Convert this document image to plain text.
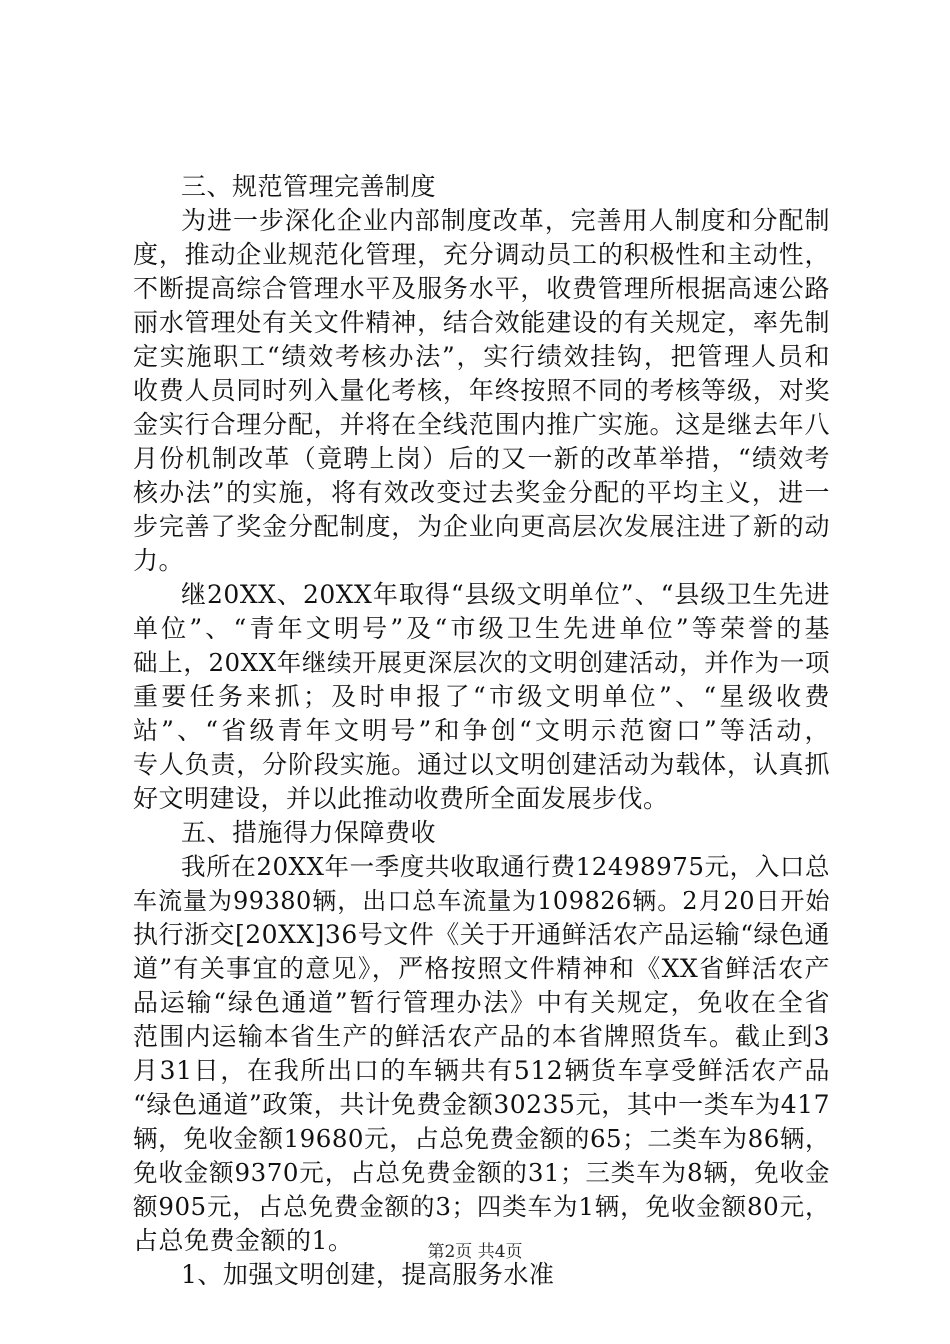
三、规范管理完善制度
为进一步深化企业内部制度改革，完善用人制度和分配制
度，推动企业规范化管理，充分调动员工的积极性和主动性，
不断提高综合管理水平及服务水平，收费管理所根据高速公路
丽水管理处有关文件精神，结合效能建设的有关规定，率先制
定实施职工“绩效考核办法”，实行绩效挂钩，把管理人员和
收费人员同时列入量化考核，年终按照不同的考核等级，对奖
金实行合理分配，并将在全线范围内推广实施。这是继去年八
月份机制改革（竟聘上岗）后的又一新的改革举措，“绩效考
核办法”的实施，将有效改变过去奖金分配的平均主义，进一
步完善了奖金分配制度，为企业向更高层次发展注进了新的动
力。
继20XX、20XX年取得“县级文明单位”、“县级卫生先进
单位”、“青年文明号”及“市级卫生先进单位”等荣誉的基
础上，20XX年继续开展更深层次的文明创建活动，并作为一项
重要任务来抓；及时申报了“市级文明单位”、“星级收费
站”、“省级青年文明号”和争创“文明示范窗口”等活动，
专人负责，分阶段实施。通过以文明创建活动为载体，认真抓
好文明建设，并以此推动收费所全面发展步伐。
五、措施得力保障费收
我所在20XX年一季度共收取通行费12498975元，入口总
车流量为99380辆，出口总车流量为109826辆。2月20日开始
执行浙交[20XX]36号文件《关于开通鲜活农产品运输“绿色通
道”有关事宜的意见》，严格按照文件精神和《XX省鲜活农产
品运输“绿色通道”暂行管理办法》中有关规定，免收在全省
范围内运输本省生产的鲜活农产品的本省牌照货车。截止到3
月31日，在我所出口的车辆共有512辆货车享受鲜活农产品
“绿色通道”政策，共计免费金额30235元，其中一类车为417
辆，免收金额19680元，占总免费金额的65；二类车为86辆，
免收金额9370元，占总免费金额的31；三类车为8辆，免收金
额905元，占总免费金额的3；四类车为1辆，免收金额80元，
占总免费金额的1。
1、加强文明创建，提高服务水准
第2页 共4页
